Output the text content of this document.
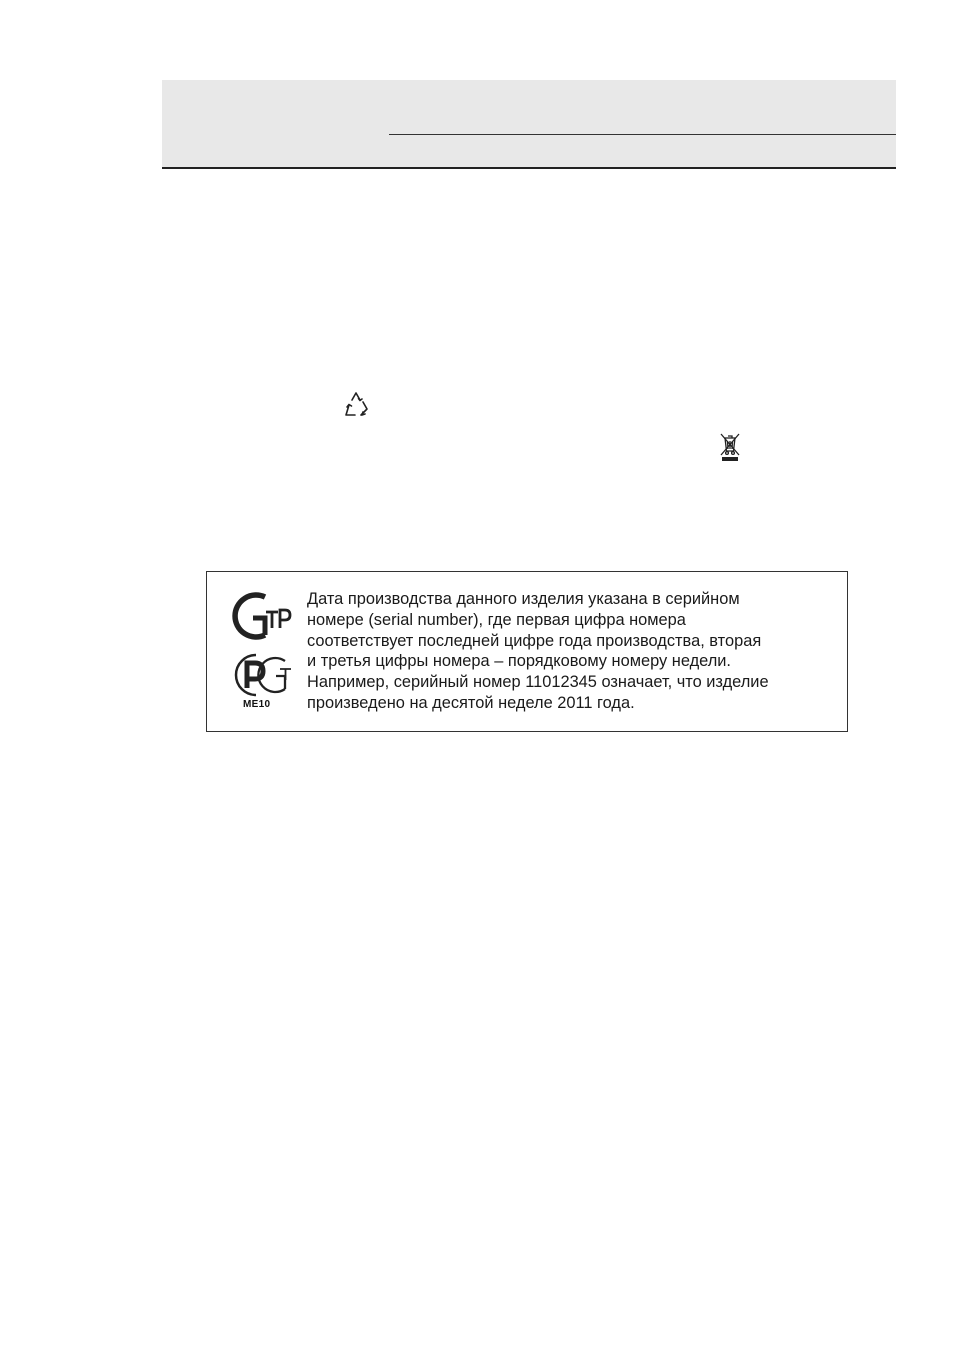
ME10
Дата производства данного изделия указана в серийном
номере (serial number), где первая цифра номера
соответствует последней цифре года производства, вторая
и третья цифры номера – порядковому номеру недели.
Например, серийный номер 11012345 означает, что изделие
произведено на десятой неделе 2011 года.
